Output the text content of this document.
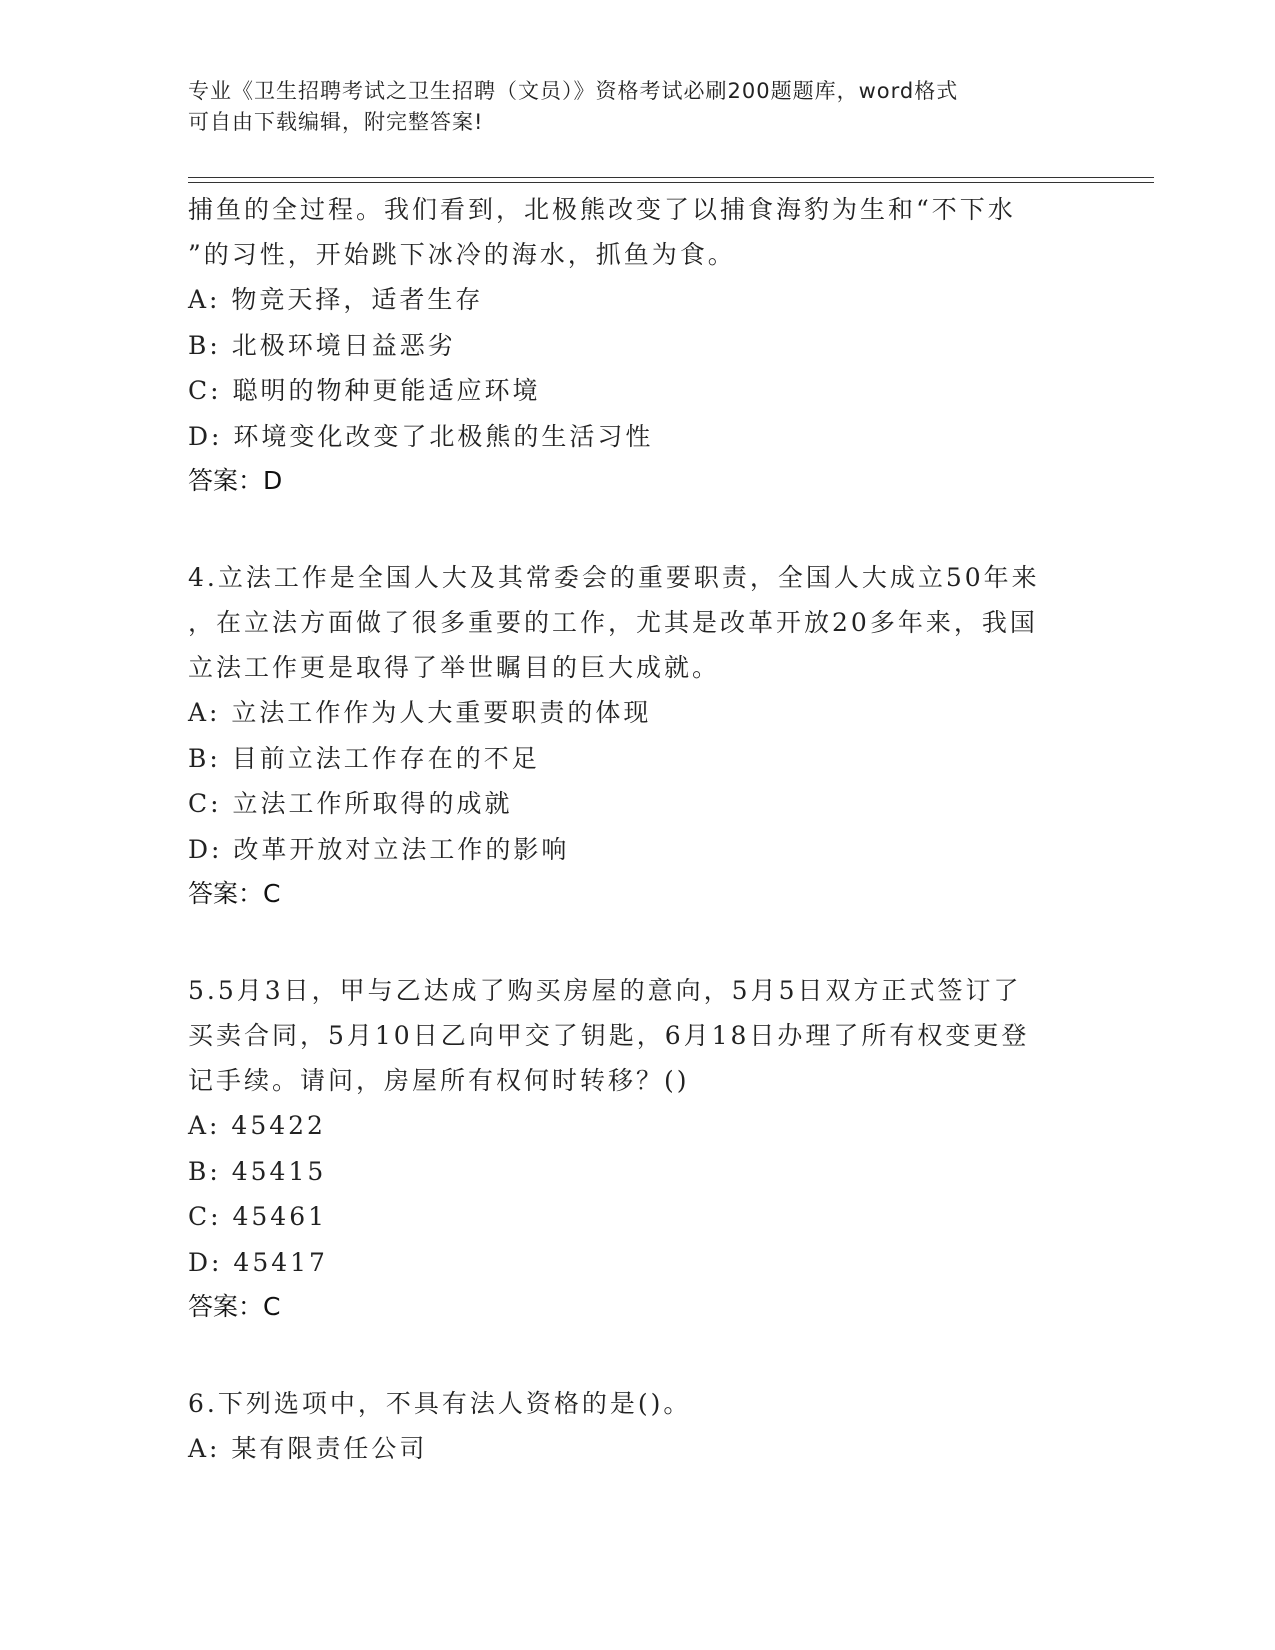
专业《卫生招聘考试之卫生招聘（文员）》资格考试必刷200题题库，word格式
可自由下载编辑，附完整答案!

捕鱼的全过程。我们看到，北极熊改变了以捕食海豹为生和“不下水

”的习性，开始跳下冰冷的海水，抓鱼为食。

A: 物竞天择，适者生存

B: 北极环境日益恶劣

C: 聪明的物种更能适应环境

D: 环境变化改变了北极熊的生活习性

答案：D

4.立法工作是全国人大及其常委会的重要职责，全国人大成立50年来

，在立法方面做了很多重要的工作，尤其是改革开放20多年来，我国

立法工作更是取得了举世瞩目的巨大成就。

A: 立法工作作为人大重要职责的体现

B: 目前立法工作存在的不足

C: 立法工作所取得的成就

D: 改革开放对立法工作的影响

答案：C

5.5月3日，甲与乙达成了购买房屋的意向，5月5日双方正式签订了

买卖合同，5月10日乙向甲交了钥匙，6月18日办理了所有权变更登

记手续。请问，房屋所有权何时转移？()

A: 45422

B: 45415

C: 45461

D: 45417

答案：C

6.下列选项中，不具有法人资格的是()。

A: 某有限责任公司
